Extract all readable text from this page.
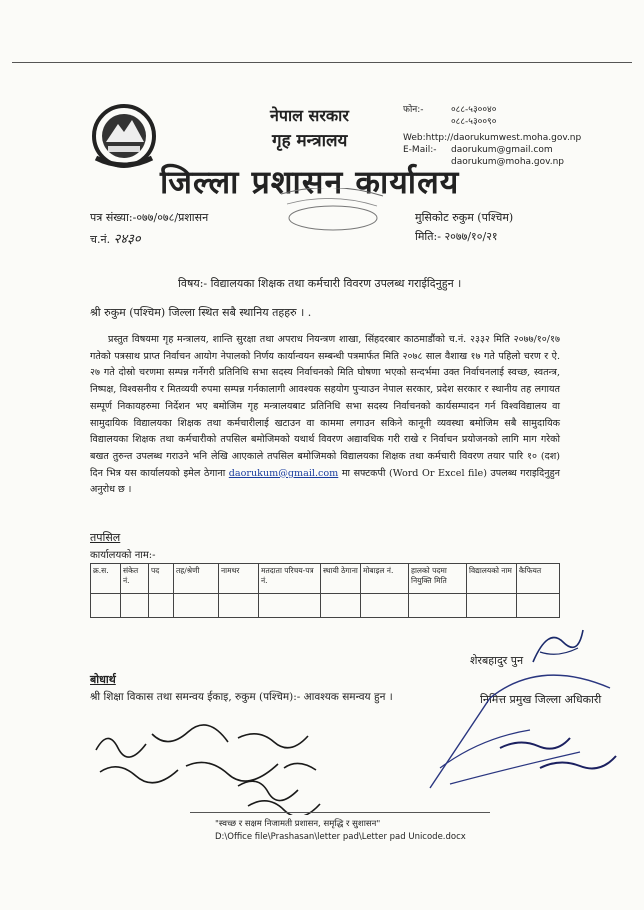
नेपाल सरकार
गृह मन्त्रालय
जिल्ला प्रशासन कार्यालय
फोन:-	०८८-५३००४०
०८८-५३००९०
Web:http://daorukumwest.moha.gov.np
E-Mail:- daorukum@gmail.com
daorukum@moha.gov.np
पत्र संख्या:-०७७/०७८/प्रशासन
च.नं. २४३०
मुसिकोट रुकुम (पश्चिम)
मिति:- २०७७/१०/२१
विषय:- विद्यालयका शिक्षक तथा कर्मचारी विवरण उपलब्ध गराईदिनुहुन ।
श्री रुकुम (पश्चिम) जिल्ला स्थित सबै स्थानिय तहहरु । .
प्रस्तुत विषयमा गृह मन्त्रालय, शान्ति सुरक्षा तथा अपराध नियन्त्रण शाखा, सिंहदरबार काठमाडौंको च.नं. २३३२ मिति २०७७/१०/१७ गतेको पत्रसाथ प्राप्त निर्वाचन आयोग नेपालको निर्णय कार्यान्वयन सम्बन्धी पत्रमार्फत मिति २०७८ साल वैशाख १७ गते पहिलो चरण र ऐ. २७ गते दोस्रो चरणमा सम्पन्न गर्नेगरी प्रतिनिधि सभा सदस्य निर्वाचनको मिति घोषणा भएको सन्दर्भमा उक्त निर्वाचनलाई स्वच्छ, स्वतन्त्र, निष्पक्ष, विश्वसनीय र मितव्ययी रुपमा सम्पन्न गर्नकालागी आवश्यक सहयोग पुर्‍याउन नेपाल सरकार, प्रदेश सरकार र स्थानीय तह लगायत सम्पूर्ण निकायहरुमा निर्देशन भए बमोजिम गृह मन्त्रालयबाट प्रतिनिधि सभा सदस्य निर्वाचनको कार्यसम्पादन गर्न विश्वविद्यालय वा सामुदायिक विद्यालयका शिक्षक तथा कर्मचारीलाई खटाउन वा काममा लगाउन सकिने कानूनी व्यवस्था बमोजिम सबै सामुदायिक विद्यालयका शिक्षक तथा कर्मचारीको तपसिल बमोजिमको यथार्थ विवरण अद्यावधिक गरी राखे र निर्वाचन प्रयोजनको लागि माग गरेको बखत तुरुन्त उपलब्ध गराउने भनि लेखि आएकाले तपसिल बमोजिमको विद्यालयका शिक्षक तथा कर्मचारी विवरण तयार पारि १० (दश) दिन भित्र यस कार्यालयको इमेल ठेगाना daorukum@gmail.com मा सफ्टकपी (Word Or Excel file) उपलब्ध गराइदिनुहुन अनुरोध छ ।
तपसिल
कार्यालयको नाम:-
क्र.स.	संकेत नं.	पद	तह/श्रेणी	नामथर	मतदाता परिचय-पत्र नं.	स्थायी ठेगाना	मोबाइल नं.	हालको पदमा नियुक्ति मिति	विद्यालयको नाम	कैफियत

शेरबहादुर पुन
निमित्त प्रमुख जिल्ला अधिकारी
बोधार्थ
श्री शिक्षा विकास तथा समन्वय ईकाइ, रुकुम (पश्चिम):- आवश्यक समन्वय हुन ।
"स्वच्छ र सक्षम निजामती प्रशासन, समृद्धि र सुशासन"
D:\Office file\Prashasan\letter pad\Letter pad Unicode.docx
